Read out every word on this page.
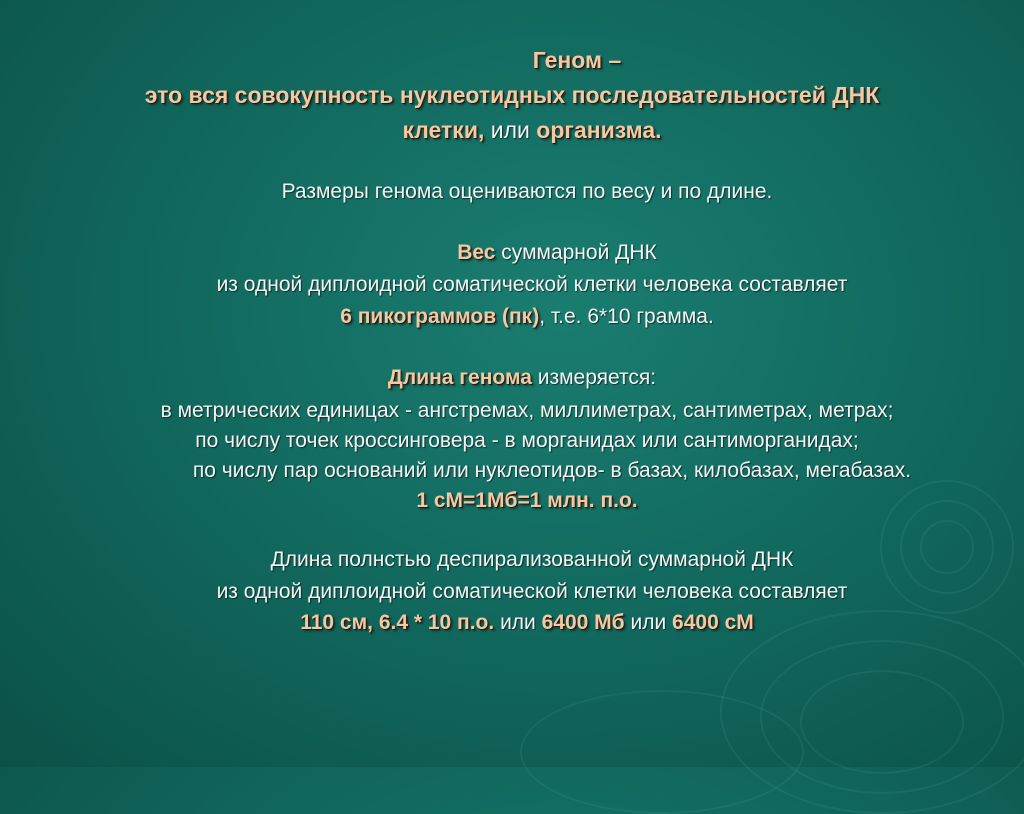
Геном –
это вся совокупность нуклеотидных последовательностей ДНК
клетки, или организма.
Размеры генома оцениваются по весу и по длине.
Вес суммарной ДНК
из одной диплоидной соматической клетки человека составляет
6 пикограммов (пк), т.е. 6*10 грамма.
Длина генома измеряется:
в метрических единицах - ангстремах, миллиметрах, сантиметрах, метрах;
по числу точек кроссинговера - в морганидах или сантиморганидах;
по числу пар оснований или нуклеотидов- в базах, килобазах, мегабазах.
1 сМ=1Мб=1 млн. п.о.
Длина полнстью деспирализованной суммарной ДНК
из одной диплоидной соматической клетки человека составляет
110 см, 6.4 * 10 п.о. или 6400 Мб или 6400 сМ
